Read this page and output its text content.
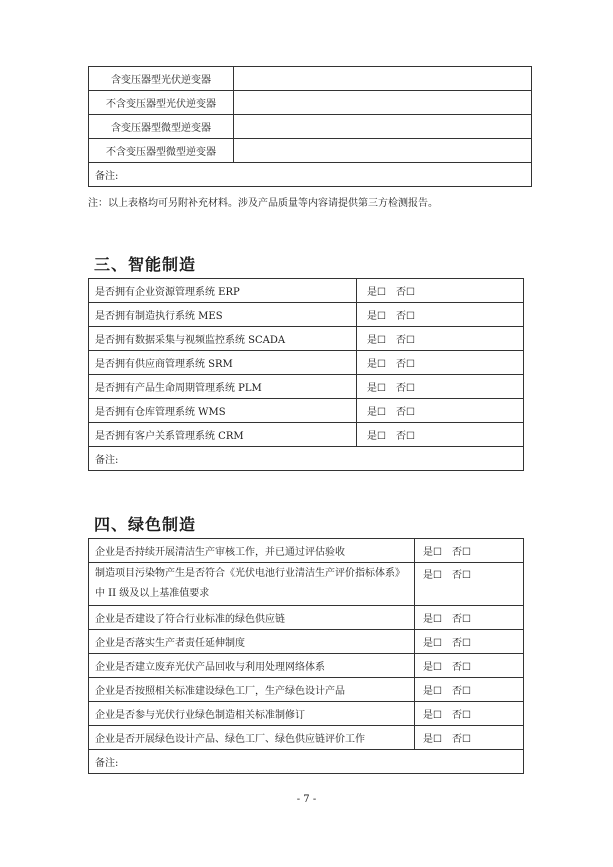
含变压器型光伏逆变器	
不含变压器型光伏逆变器	
含变压器型微型逆变器	
不含变压器型微型逆变器	
备注:	
注：以上表格均可另附补充材料。涉及产品质量等内容请提供第三方检测报告。
三、智能制造
是否拥有企业资源管理系统 ERP	是☐ 否☐
是否拥有制造执行系统 MES	是☐ 否☐
是否拥有数据采集与视频监控系统 SCADA	是☐ 否☐
是否拥有供应商管理系统 SRM	是☐ 否☐
是否拥有产品生命周期管理系统 PLM	是☐ 否☐
是否拥有仓库管理系统 WMS	是☐ 否☐
是否拥有客户关系管理系统 CRM	是☐ 否☐
备注:	
四、绿色制造
企业是否持续开展清洁生产审核工作，并已通过评估验收	是☐ 否☐
制造项目污染物产生是否符合《光伏电池行业清洁生产评价指标体系》中 II 级及以上基准值要求	是☐ 否☐
企业是否建设了符合行业标准的绿色供应链	是☐ 否☐
企业是否落实生产者责任延伸制度	是☐ 否☐
企业是否建立废弃光伏产品回收与利用处理网络体系	是☐ 否☐
企业是否按照相关标准建设绿色工厂，生产绿色设计产品	是☐ 否☐
企业是否参与光伏行业绿色制造相关标准制修订	是☐ 否☐
企业是否开展绿色设计产品、绿色工厂、绿色供应链评价工作	是☐ 否☐
备注:	
- 7 -
